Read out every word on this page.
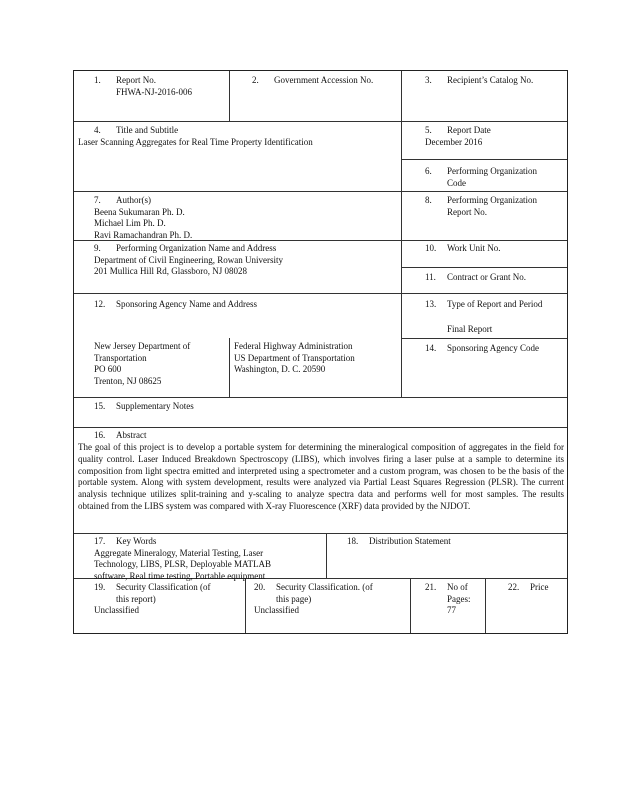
1. Report No.
FHWA-NJ-2016-006
2. Government Accession No.	3. Recipient’s Catalog No.
4. Title and Subtitle
Laser Scanning Aggregates for Real Time Property Identification
5. Report Date
December 2016
6. Performing Organization
Code
7. Author(s)
Beena Sukumaran Ph. D.
Michael Lim Ph. D.
Ravi Ramachandran Ph. D.
8. Performing Organization
Report No.
9. Performing Organization Name and Address
Department of Civil Engineering, Rowan University
201 Mullica Hill Rd, Glassboro, NJ 08028
10. Work Unit No.
11. Contract or Grant No.
12. Sponsoring Agency Name and Address
New Jersey Department of
Transportation
PO 600
Trenton, NJ 08625
Federal Highway Administration
US Department of Transportation
Washington, D. C. 20590
13. Type of Report and Period
Final Report
14. Sponsoring Agency Code
15. Supplementary Notes
16. Abstract
The goal of this project is to develop a portable system for determining the mineralogical composition of aggregates in the field for quality control. Laser Induced Breakdown Spectroscopy (LIBS), which involves firing a laser pulse at a sample to determine its composition from light spectra emitted and interpreted using a spectrometer and a custom program, was chosen to be the basis of the portable system. Along with system development, results were analyzed via Partial Least Squares Regression (PLSR). The current analysis technique utilizes split-training and y-scaling to analyze spectra data and performs well for most samples. The results obtained from the LIBS system was compared with X-ray Fluorescence (XRF) data provided by the NJDOT.
17. Key Words
Aggregate Mineralogy, Material Testing, Laser
Technology, LIBS, PLSR, Deployable MATLAB
software, Real time testing, Portable equipment
18. Distribution Statement
19. Security Classification (of
this report)
Unclassified
20. Security Classification. (of
this page)
Unclassified
21. No of
Pages:
77
22. Price
